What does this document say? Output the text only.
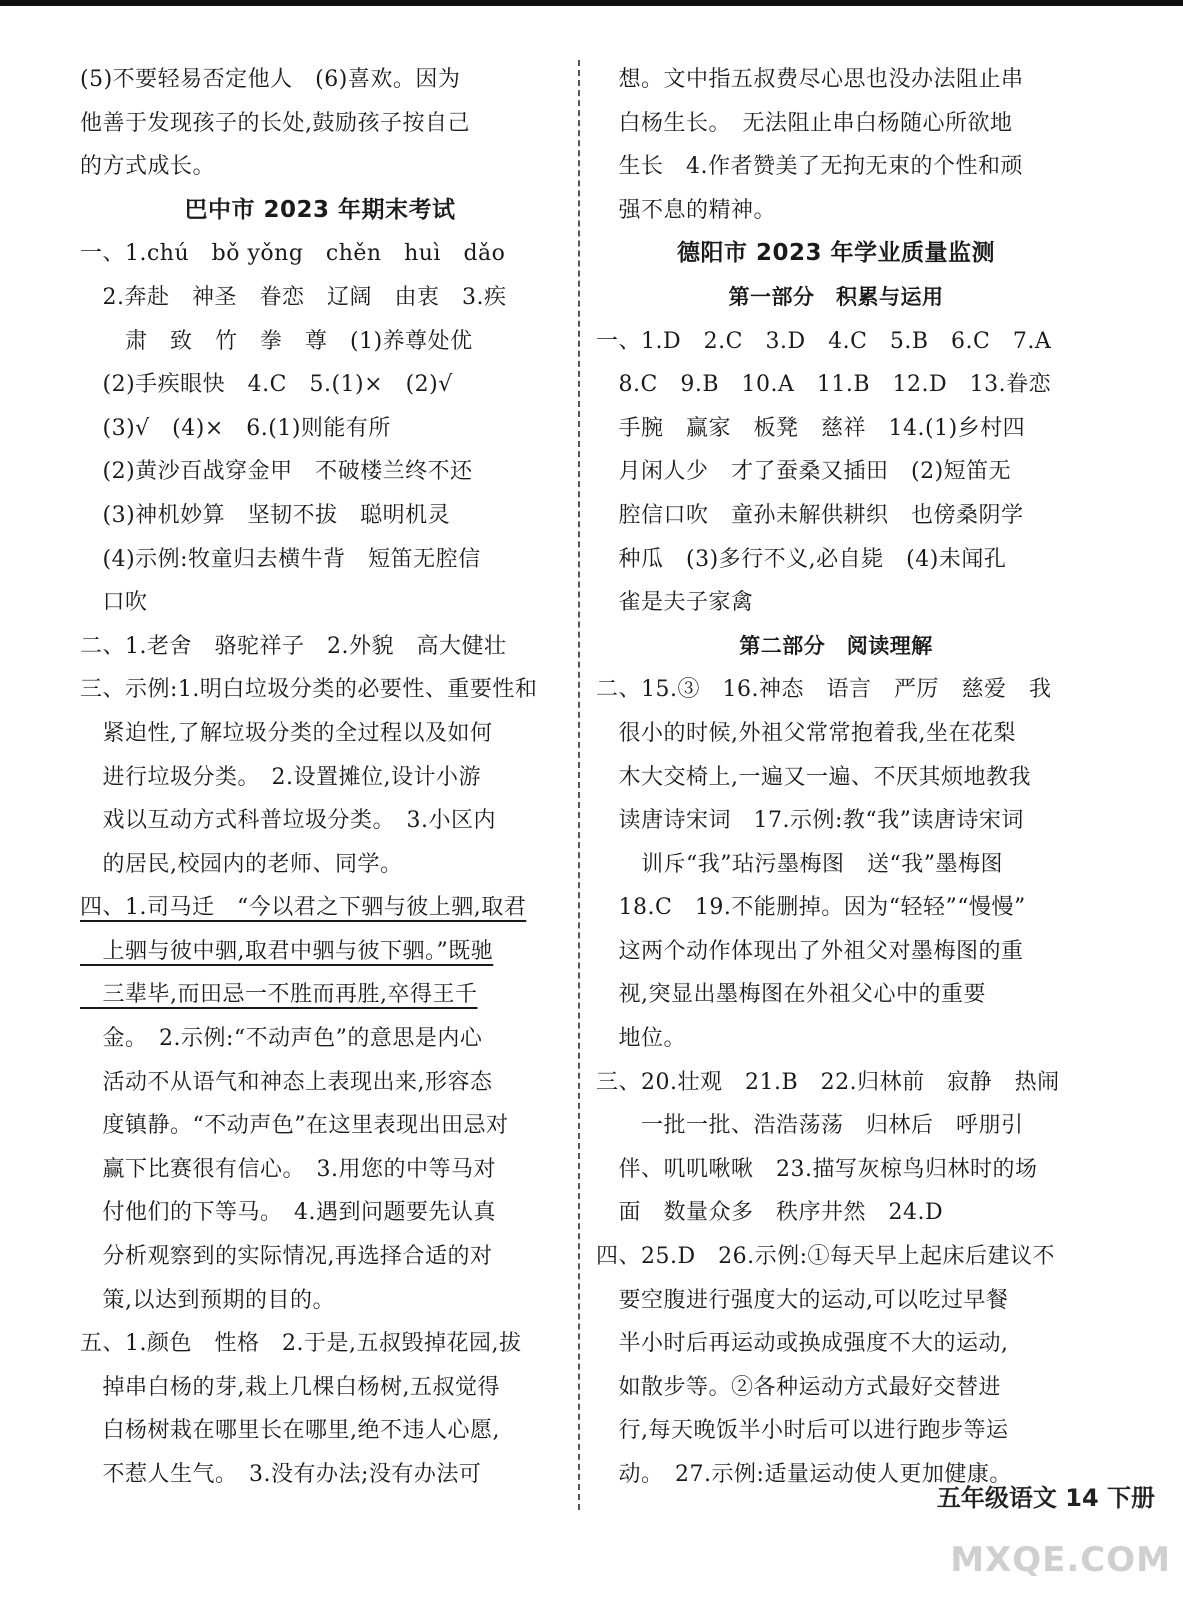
(5)不要轻易否定他人　(6)喜欢。因为
他善于发现孩子的长处,鼓励孩子按自己
的方式成长。
巴中市 2023 年期末考试
一、1.chú　bǒ yǒng　chěn　huì　dǎo
　2.奔赴　神圣　眷恋　辽阔　由衷　3.疾
　　肃　致　竹　拳　尊　(1)养尊处优
　(2)手疾眼快　4.C　5.(1)×　(2)√
　(3)√　(4)×　6.(1)则能有所
　(2)黄沙百战穿金甲　不破楼兰终不还
　(3)神机妙算　坚韧不拔　聪明机灵
　(4)示例:牧童归去横牛背　短笛无腔信
　口吹
二、1.老舍　骆驼祥子　2.外貌　高大健壮
三、示例:1.明白垃圾分类的必要性、重要性和
　紧迫性,了解垃圾分类的全过程以及如何
　进行垃圾分类。　2.设置摊位,设计小游
　戏以互动方式科普垃圾分类。　3.小区内
　的居民,校园内的老师、同学。
四、1.司马迁　“今以君之下驷与彼上驷,取君
　上驷与彼中驷,取君中驷与彼下驷。”既驰
　三辈毕,而田忌一不胜而再胜,卒得王千
　金。　2.示例:“不动声色”的意思是内心
　活动不从语气和神态上表现出来,形容态
　度镇静。“不动声色”在这里表现出田忌对
　赢下比赛很有信心。　3.用您的中等马对
　付他们的下等马。　4.遇到问题要先认真
　分析观察到的实际情况,再选择合适的对
　策,以达到预期的目的。
五、1.颜色　性格　2.于是,五叔毁掉花园,拔
　掉串白杨的芽,栽上几棵白杨树,五叔觉得
　白杨树栽在哪里长在哪里,绝不违人心愿,
　不惹人生气。　3.没有办法;没有办法可
　想。文中指五叔费尽心思也没办法阻止串
　白杨生长。　无法阻止串白杨随心所欲地
　生长　4.作者赞美了无拘无束的个性和顽
　强不息的精神。
德阳市 2023 年学业质量监测
第一部分　积累与运用
一、1.D　2.C　3.D　4.C　5.B　6.C　7.A
　8.C　9.B　10.A　11.B　12.D　13.眷恋
　手腕　赢家　板凳　慈祥　14.(1)乡村四
　月闲人少　才了蚕桑又插田　(2)短笛无
　腔信口吹　童孙未解供耕织　也傍桑阴学
　种瓜　(3)多行不义,必自毙　(4)未闻孔
　雀是夫子家禽
第二部分　阅读理解
二、15.③　16.神态　语言　严厉　慈爱　我
　很小的时候,外祖父常常抱着我,坐在花梨
　木大交椅上,一遍又一遍、不厌其烦地教我
　读唐诗宋词　17.示例:教“我”读唐诗宋词
　　训斥“我”玷污墨梅图　送“我”墨梅图
　18.C　19.不能删掉。因为“轻轻”“慢慢”
　这两个动作体现出了外祖父对墨梅图的重
　视,突显出墨梅图在外祖父心中的重要
　地位。
三、20.壮观　21.B　22.归林前　寂静　热闹
　　一批一批、浩浩荡荡　归林后　呼朋引
　伴、叽叽啾啾　23.描写灰椋鸟归林时的场
　面　数量众多　秩序井然　24.D
四、25.D　26.示例:①每天早上起床后建议不
　要空腹进行强度大的运动,可以吃过早餐
　半小时后再运动或换成强度不大的运动,
　如散步等。②各种运动方式最好交替进
　行,每天晚饭半小时后可以进行跑步等运
　动。　27.示例:适量运动使人更加健康。
五年级语文 14 下册
MXQE.COM
